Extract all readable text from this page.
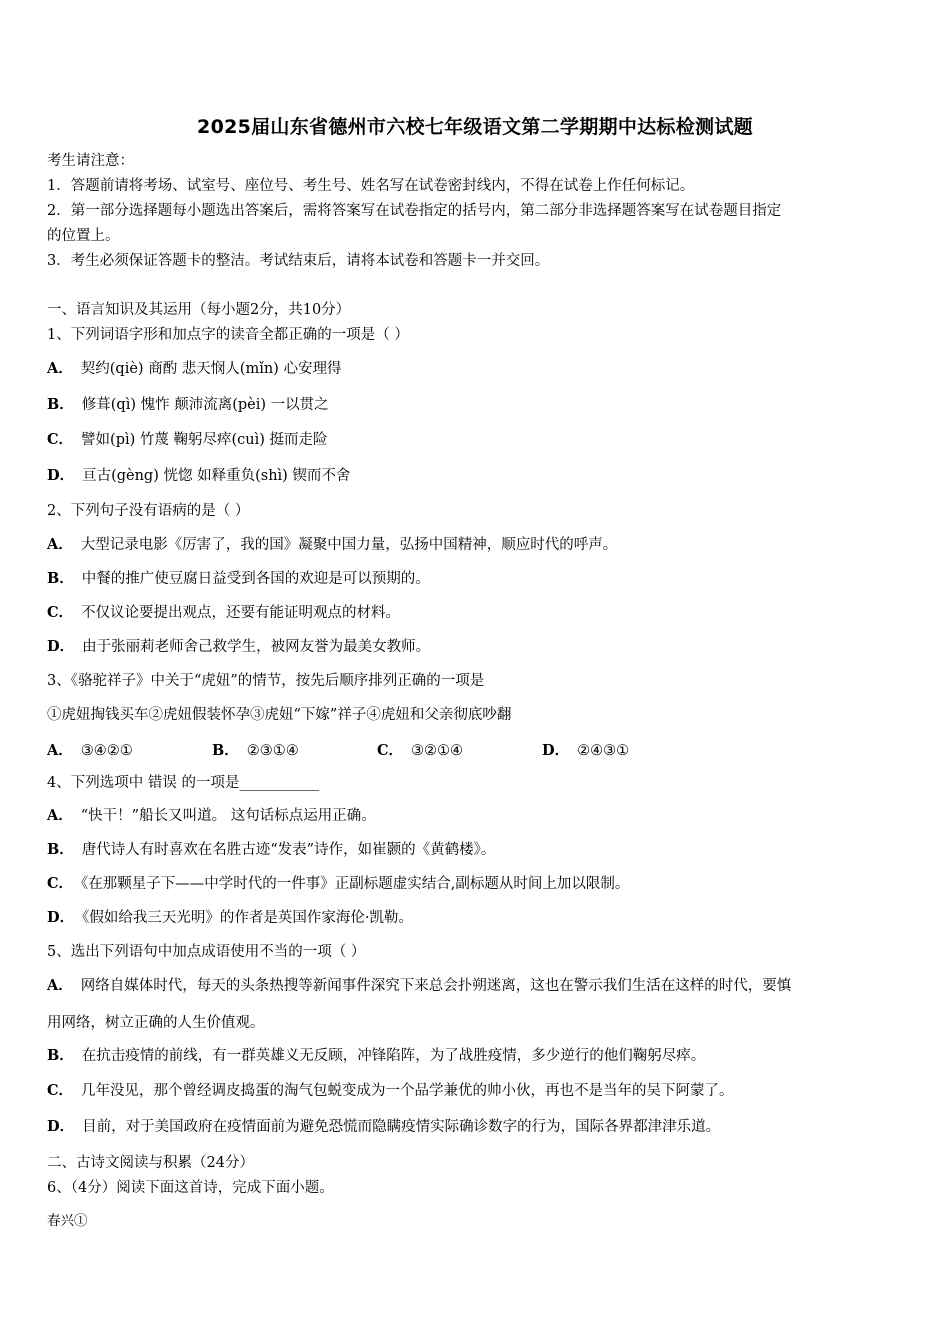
2025届山东省德州市六校七年级语文第二学期期中达标检测试题
考生请注意：
1．答题前请将考场、试室号、座位号、考生号、姓名写在试卷密封线内，不得在试卷上作任何标记。
2．第一部分选择题每小题选出答案后，需将答案写在试卷指定的括号内，第二部分非选择题答案写在试卷题目指定
的位置上。
3．考生必须保证答题卡的整洁。考试结束后，请将本试卷和答题卡一并交回。
一、语言知识及其运用（每小题2分，共10分）
1、下列词语字形和加点字的读音全都正确的一项是（ ）
A． 契约(qiè) 商酌 悲天悯人(mǐn) 心安理得
B． 修葺(qì) 愧怍 颠沛流离(pèi) 一以贯之
C． 譬如(pì) 竹蔑 鞠躬尽瘁(cuì) 挺而走险
D． 亘古(gèng) 恍惚 如释重负(shì) 锲而不舍
2、下列句子没有语病的是（ ）
A． 大型记录电影《厉害了，我的国》凝聚中国力量，弘扬中国精神，顺应时代的呼声。
B． 中餐的推广使豆腐日益受到各国的欢迎是可以预期的。
C． 不仅议论要提出观点，还要有能证明观点的材料。
D． 由于张丽莉老师舍己救学生，被网友誉为最美女教师。
3、《骆驼祥子》中关于“虎妞”的情节，按先后顺序排列正确的一项是
①虎妞掏钱买车②虎妞假装怀孕③虎妞“下嫁”祥子④虎妞和父亲彻底吵翻
A． ③④②①	B． ②③①④	C． ③②①④	D． ②④③①
4、下列选项中 错误 的一项是___________
A． “快干！”船长又叫道。 这句话标点运用正确。
B． 唐代诗人有时喜欢在名胜古迹“发表”诗作，如崔颢的《黄鹤楼》。
C． 《在那颗星子下——中学时代的一件事》正副标题虚实结合,副标题从时间上加以限制。
D． 《假如给我三天光明》的作者是英国作家海伦·凯勒。
5、选出下列语句中加点成语使用不当的一项（ ）
A． 网络自媒体时代，每天的头条热搜等新闻事件深究下来总会扑朔迷离，这也在警示我们生活在这样的时代，要慎
用网络，树立正确的人生价值观。
B． 在抗击疫情的前线，有一群英雄义无反顾，冲锋陷阵，为了战胜疫情，多少逆行的他们鞠躬尽瘁。
C． 几年没见，那个曾经调皮捣蛋的淘气包蜕变成为一个品学兼优的帅小伙，再也不是当年的吴下阿蒙了。
D． 目前，对于美国政府在疫情面前为避免恐慌而隐瞒疫情实际确诊数字的行为，国际各界都津津乐道。
二、古诗文阅读与积累（24分）
6、（4分）阅读下面这首诗，完成下面小题。
春兴①
